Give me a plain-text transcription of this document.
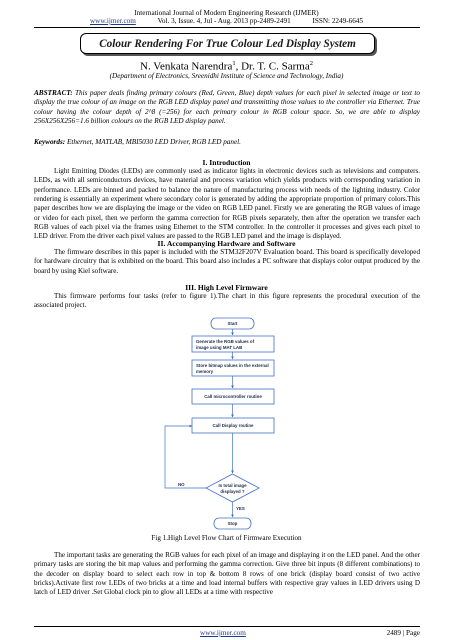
International Journal of Modern Engineering Research (IJMER)
www.ijmer.com	Vol. 3, Issue. 4, Jul - Aug. 2013 pp-2489-2491	ISSN: 2249-6645
Colour Rendering For True Colour Led Display System
N. Venkata Narendra$^1$, Dr. T. C. Sarma$^2$
(Department of Electronics, Sreenidhi Institute of Science and Technology, India)
ABSTRACT: This paper deals finding primary colours (Red, Green, Blue) depth values for each pixel in selected image or text to display the true colour of an image on the RGB LED display panel and transmitting those values to the controller via Ethernet. True colour having the colour depth of 2^8 (=256) for each primary colour in RGB colour space. So, we are able to display 256X256X256=1.6 billion colours on the RGB LED display panel.
Keywords: Ethernet, MATLAB, MBI5030 LED Driver, RGB LED panel.
I. Introduction
Light Emitting Diodes (LEDs) are commonly used as indicator lights in electronic devices such as televisions and computers. LEDs, as with all semiconductors devices, have material and process variation which yields products with corresponding variation in performance. LEDs are binned and packed to balance the nature of manufacturing process with needs of the lighting industry. Color rendering is essentially an experiment where secondary color is generated by adding the appropriate proportion of primary colors.This paper describes how we are displaying the image or the video on RGB LED panel. Firstly we are generating the RGB values of image or video for each pixel, then we perform the gamma correction for RGB pixels separately, then after the operation we transfer each RGB values of each pixel via the frames using Ethernet to the STM controller. In the controller it processes and gives each pixel to LED driver. From the driver each pixel values are passed to the RGB LED panel and the image is displayed.
II. Accompanying Hardware and Software
The firmware describes in this paper is included with the STM32F207V Evaluation board. This board is specifically developed for hardware circuitry that is exhibited on the board. This board also includes a PC software that displays color output produced by the board by using Kiel software.
III. High Level Firmware
This firmware performs four tasks (refer to figure 1).The chart in this figure represents the procedural execution of the associated project.
Start
Generate the RGB values of
image using MAT LAB
Store bitmap values in the external
memory
Call microcontroller routine
Call Display routine
Is total image
displayed ?
NO
YES
Stop
Fig 1.High Level Flow Chart of Firmware Execution
The important tasks are generating the RGB values for each pixel of an image and displaying it on the LED panel. And the other primary tasks are storing the bit map values and performing the gamma correction. Give three bit inputs (8 different combinations) to the decoder on display board to select each row in top & bottom 8 rows of one brick (display board consist of two active bricks).Activate first row LEDs of two bricks at a time and load internal buffers with respective gray values in LED drivers using D latch of LED driver .Set Global clock pin to glow all LEDs at a time with respective
www.ijmer.com	2489 | Page
